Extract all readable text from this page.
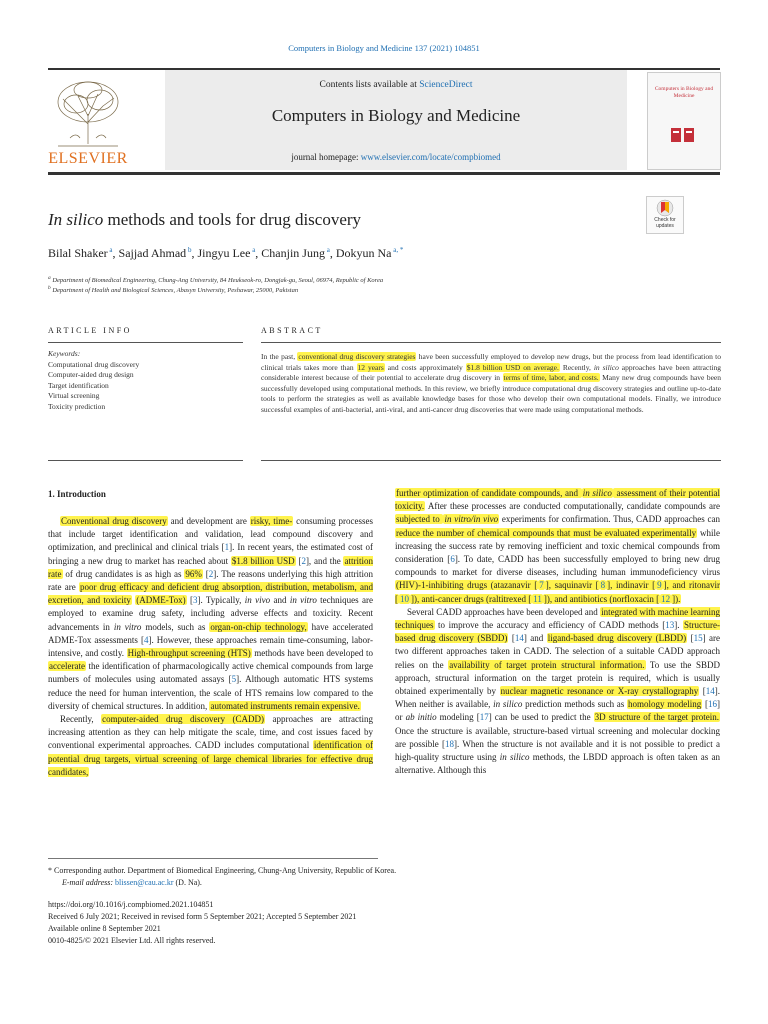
Computers in Biology and Medicine 137 (2021) 104851
Contents lists available at ScienceDirect
Computers in Biology and Medicine
journal homepage: www.elsevier.com/locate/compbiomed
ELSEVIER
Computers in Biology and Medicine
Check for updates
In silico methods and tools for drug discovery
Bilal Shaker $^a$, Sajjad Ahmad $^b$, Jingyu Lee $^a$, Chanjin Jung $^a$, Dokyun Na $^{a, *}$
$^a$ Department of Biomedical Engineering, Chung-Ang University, 84 Heukseok-ro, Dongjak-gu, Seoul, 06974, Republic of Korea
$^b$ Department of Health and Biological Sciences, Abasyn University, Peshawar, 25000, Pakistan
ARTICLE INFO
Keywords:
Computational drug discovery
Computer-aided drug design
Target identification
Virtual screening
Toxicity prediction
ABSTRACT
In the past, conventional drug discovery strategies have been successfully employed to develop new drugs, but the process from lead identification to clinical trials takes more than 12 years and costs approximately $1.8 billion USD on average. Recently, in silico approaches have been attracting considerable interest because of their potential to accelerate drug discovery in terms of time, labor, and costs. Many new drug compounds have been successfully developed using computational methods. In this review, we briefly introduce computational drug discovery strategies and outline up-to-date tools to perform the strategies as well as available knowledge bases for those who develop their own computational models. Finally, we introduce successful examples of anti-bacterial, anti-viral, and anti-cancer drug discoveries that were made using computational methods.
1. Introduction

Conventional drug discovery and development are risky, time- consuming processes that include target identification and validation, lead compound discovery and optimization, and preclinical and clinical trials [1]. In recent years, the estimated cost of bringing a new drug to market has reached about $1.8 billion USD [2], and the attrition rate of drug candidates is as high as 96% [2]. The reasons underlying this high attrition rate are poor drug efficacy and deficient drug absorption, distribution, metabolism, and excretion, and toxicity (ADME-Tox) [3]. Typically, in vivo and in vitro techniques are employed to examine drug safety, including adverse effects and toxicity. Recent advancements in in vitro models, such as organ-on-chip technology, have accelerated ADME-Tox assessments [4]. However, these approaches remain time-consuming, labor-intensive, and costly. High-throughput screening (HTS) methods have been developed to accelerate the identification of pharmacologically active chemical compounds from large numbers of molecules using automated assays [5]. Although automatic HTS systems reduce the need for human intervention, the scale of HTS remains low compared to the diversity of chemical structures. In addition, automated instruments remain expensive.

Recently, computer-aided drug discovery (CADD) approaches are attracting increasing attention as they can help mitigate the scale, time, and cost issues faced by conventional experimental approaches. CADD includes computational identification of potential drug targets, virtual screening of large chemical libraries for effective drug candidates,

further optimization of candidate compounds, and in silico assessment of their potential toxicity. After these processes are conducted computationally, candidate compounds are subjected to in vitro/in vivo experiments for confirmation. Thus, CADD approaches can reduce the number of chemical compounds that must be evaluated experimentally while increasing the success rate by removing inefficient and toxic chemical compounds from consideration [6]. To date, CADD has been successfully employed to bring new drug compounds to market for diverse diseases, including human immunodeficiency virus (HIV)-1-inhibiting drugs (atazanavir [ 7 ], saquinavir [ 8 ], indinavir [ 9 ], and ritonavir [ 10 ]), anti-cancer drugs (raltitrexed [ 11 ]), and antibiotics (norfloxacin [ 12 ]).

Several CADD approaches have been developed and integrated with machine learning techniques to improve the accuracy and efficiency of CADD methods [13]. Structure-based drug discovery (SBDD) [14] and ligand-based drug discovery (LBDD) [15] are two different approaches taken in CADD. The selection of a suitable CADD approach relies on the availability of target protein structural information. To use the SBDD approach, structural information on the target protein is required, which is usually obtained experimentally by nuclear magnetic resonance or X-ray crystallography [14]. When neither is available, in silico prediction methods such as homology modeling [16] or ab initio modeling [17] can be used to predict the 3D structure of the target protein. Once the structure is available, structure-based virtual screening and molecular docking are possible [18]. When the structure is not available and it is not possible to predict a high-quality structure using in silico methods, the LBDD approach is often taken as an alternative. Although this

* Corresponding author. Department of Biomedical Engineering, Chung-Ang University, Republic of Korea.
E-mail address: blissen@cau.ac.kr (D. Na).
https://doi.org/10.1016/j.compbiomed.2021.104851
Received 6 July 2021; Received in revised form 5 September 2021; Accepted 5 September 2021
Available online 8 September 2021
0010-4825/© 2021 Elsevier Ltd. All rights reserved.
